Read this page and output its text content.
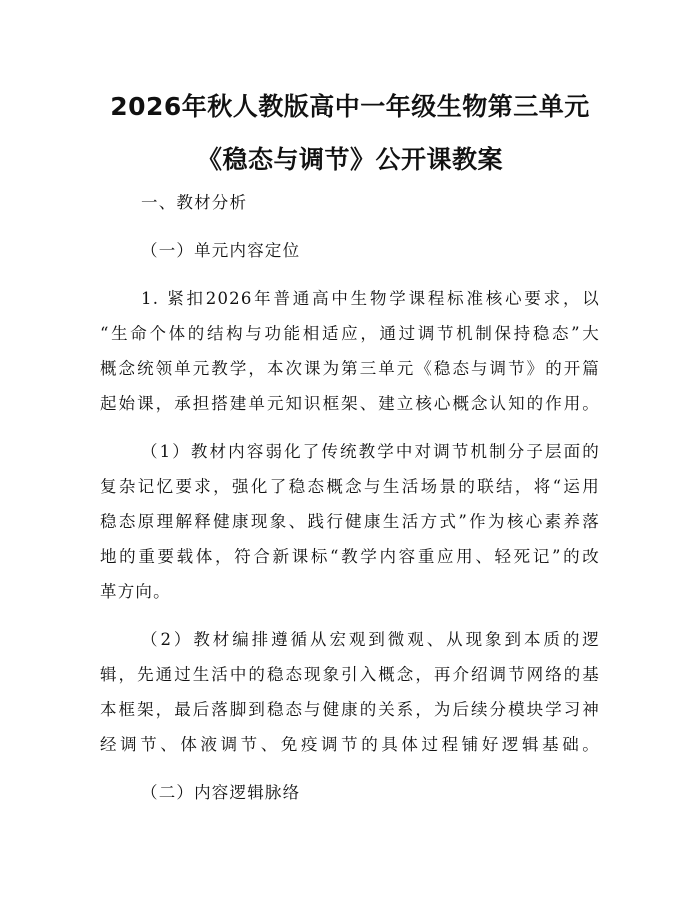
2026年秋人教版高中一年级生物第三单元
《稳态与调节》公开课教案
一、教材分析
（一）单元内容定位
1. 紧扣2026年普通高中生物学课程标准核心要求，以
“生命个体的结构与功能相适应，通过调节机制保持稳态”大
概念统领单元教学，本次课为第三单元《稳态与调节》的开篇
起始课，承担搭建单元知识框架、建立核心概念认知的作用。
（1）教材内容弱化了传统教学中对调节机制分子层面的
复杂记忆要求，强化了稳态概念与生活场景的联结，将“运用
稳态原理解释健康现象、践行健康生活方式”作为核心素养落
地的重要载体，符合新课标“教学内容重应用、轻死记”的改
革方向。
（2）教材编排遵循从宏观到微观、从现象到本质的逻
辑，先通过生活中的稳态现象引入概念，再介绍调节网络的基
本框架，最后落脚到稳态与健康的关系，为后续分模块学习神
经调节、体液调节、免疫调节的具体过程铺好逻辑基础。
（二）内容逻辑脉络
